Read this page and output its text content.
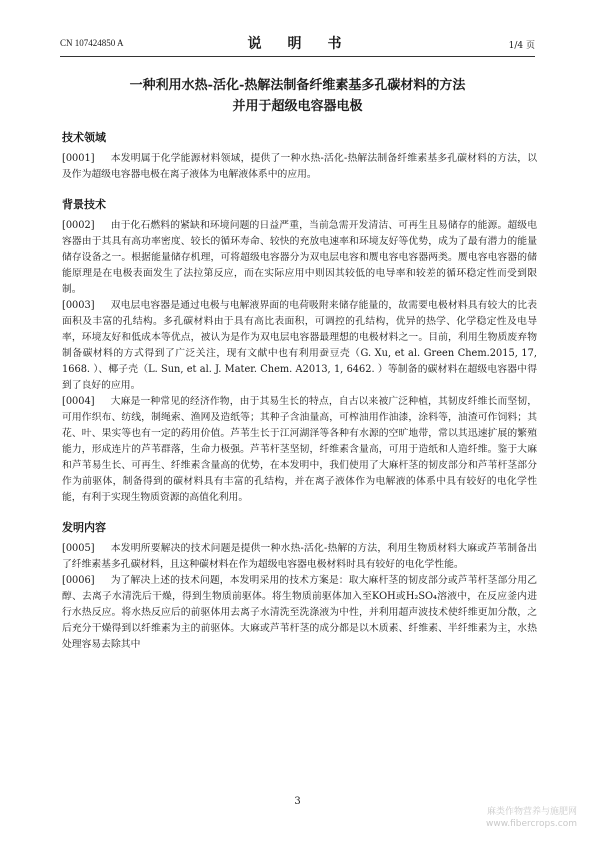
CN 107424850 A	说　明　书	1/4 页
一种利用水热-活化-热解法制备纤维素基多孔碳材料的方法
并用于超级电容器电极
技术领域

[0001] 本发明属于化学能源材料领域，提供了一种水热-活化-热解法制备纤维素基多孔碳材料的方法，以及作为超级电容器电极在离子液体为电解液体系中的应用。

背景技术

[0002] 由于化石燃料的紧缺和环境问题的日益严重，当前急需开发清洁、可再生且易储存的能源。超级电容器由于其具有高功率密度、较长的循环寿命、较快的充放电速率和环境友好等优势，成为了最有潜力的能量储存设备之一。根据能量储存机理，可将超级电容器分为双电层电容和赝电容电容器两类。赝电容电容器的储能原理是在电极表面发生了法拉第反应，而在实际应用中则因其较低的电导率和较差的循环稳定性而受到限制。

[0003] 双电层电容器是通过电极与电解液界面的电荷吸附来储存能量的，故需要电极材料具有较大的比表面积及丰富的孔结构。多孔碳材料由于具有高比表面积，可调控的孔结构，优异的热学、化学稳定性及电导率，环境友好和低成本等优点，被认为是作为双电层电容器最理想的电极材料之一。目前，利用生物质废弃物制备碳材料的方式得到了广泛关注，现有文献中也有利用蚕豆壳（G. Xu, et al. Green Chem.2015, 17, 1668. ）、椰子壳（L. Sun, et al. J. Mater. Chem. A2013, 1, 6462. ）等制备的碳材料在超级电容器中得到了良好的应用。

[0004] 大麻是一种常见的经济作物，由于其易生长的特点，自古以来被广泛种植，其韧皮纤维长而坚韧，可用作织布、纺线，制绳索、渔网及造纸等；其种子含油量高，可榨油用作油漆，涂料等，油渣可作饲料；其花、叶、果实等也有一定的药用价值。芦苇生长于江河湖泽等各种有水源的空旷地带，常以其迅速扩展的繁殖能力，形成连片的芦苇群落，生命力极强。芦苇杆茎坚韧，纤维素含量高，可用于造纸和人造纤维。鉴于大麻和芦苇易生长、可再生、纤维素含量高的优势，在本发明中，我们使用了大麻杆茎的韧皮部分和芦苇杆茎部分作为前驱体，制备得到的碳材料具有丰富的孔结构，并在离子液体作为电解液的体系中具有较好的电化学性能，有利于实现生物质资源的高值化利用。

发明内容

[0005] 本发明所要解决的技术问题是提供一种水热-活化-热解的方法，利用生物质材料大麻或芦苇制备出了纤维素基多孔碳材料，且这种碳材料在作为超级电容器电极材料时具有较好的电化学性能。

[0006] 为了解决上述的技术问题，本发明采用的技术方案是：取大麻杆茎的韧皮部分或芦苇杆茎部分用乙醇、去离子水清洗后干燥，得到生物质前驱体。将生物质前驱体加入至KOH或H₂SO₄溶液中，在反应釜内进行水热反应。将水热反应后的前驱体用去离子水清洗至洗涤液为中性，并利用超声波技术使纤维更加分散，之后充分干燥得到以纤维素为主的前驱体。大麻或芦苇杆茎的成分都是以木质素、纤维素、半纤维素为主，水热处理容易去除其中

3
麻类作物营养与施肥网
www.fibercrops.com
